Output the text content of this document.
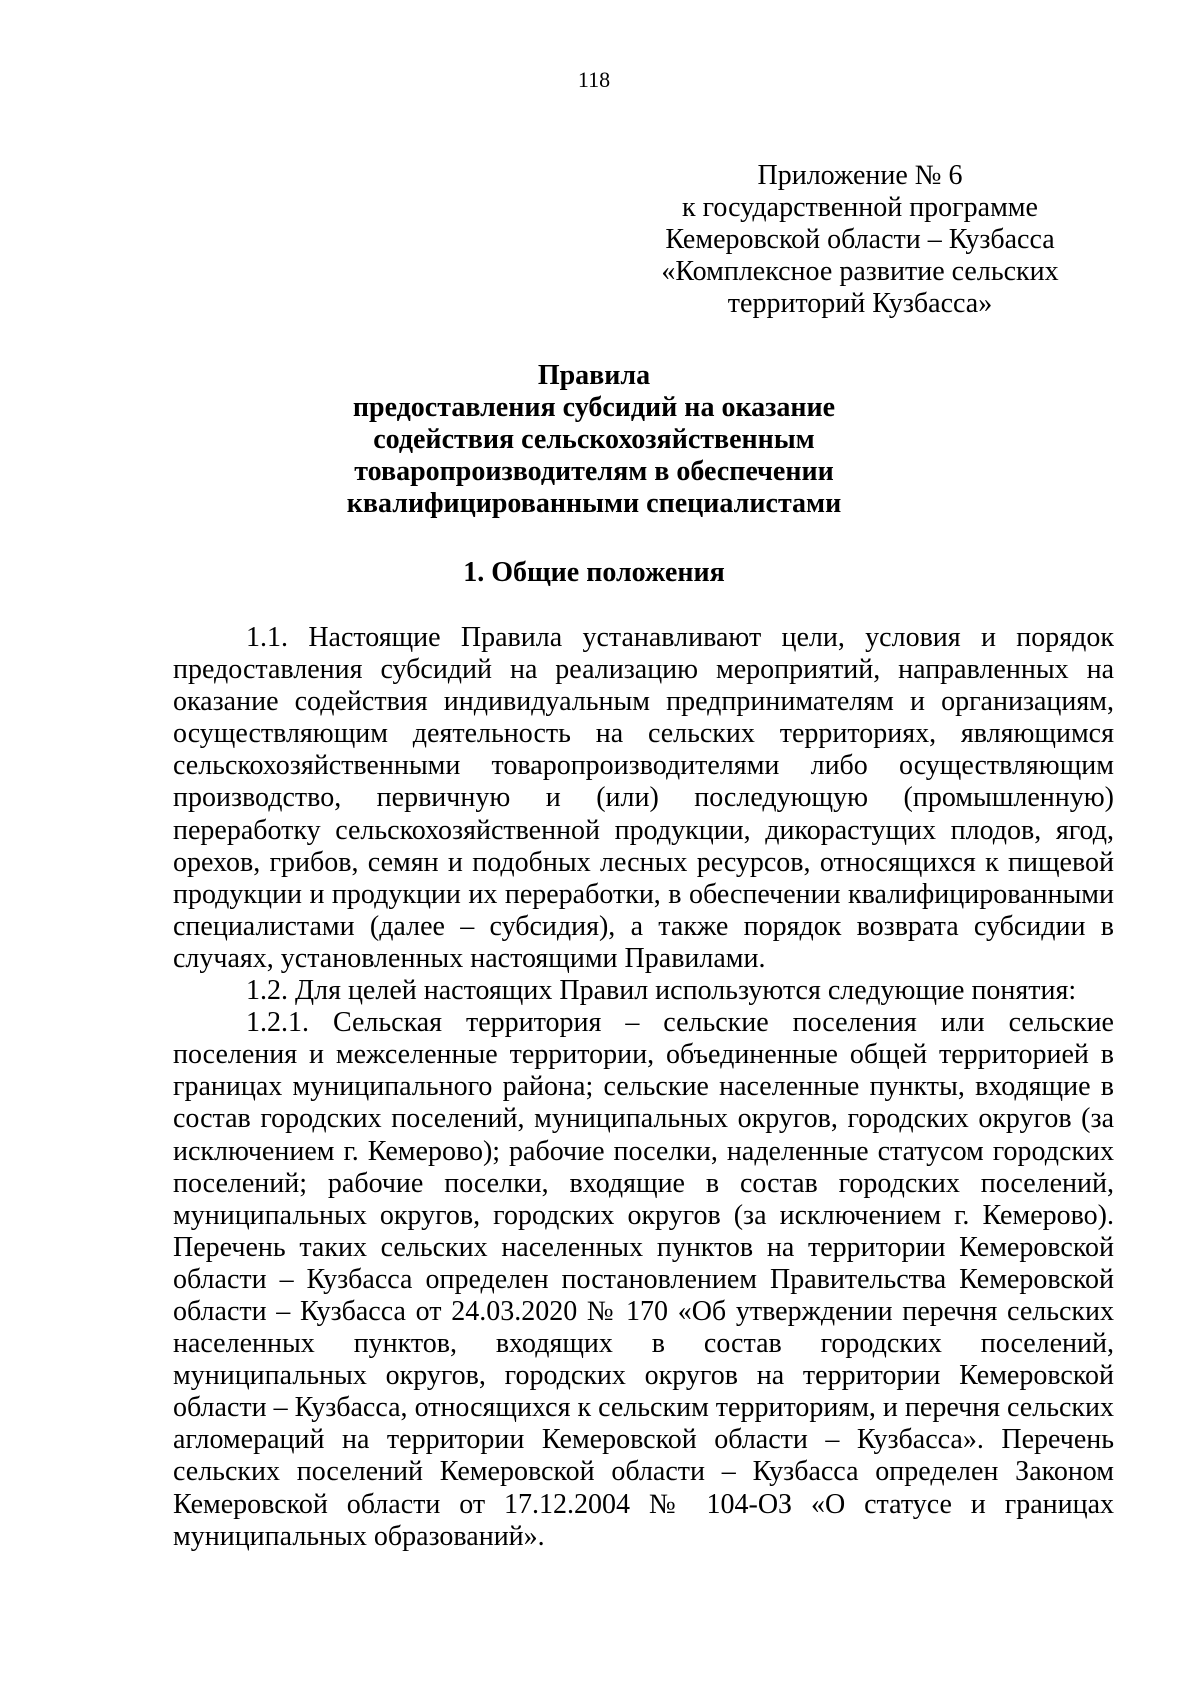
118
Приложение № 6
к государственной программе
Кемеровской области – Кузбасса
«Комплексное развитие сельских
территорий Кузбасса»
Правила
предоставления субсидий на оказание
содействия сельскохозяйственным
товаропроизводителям в обеспечении
квалифицированными специалистами
1. Общие положения

1.1. Настоящие Правила устанавливают цели, условия и порядок предоставления субсидий на реализацию мероприятий, направленных на оказание содействия индивидуальным предпринимателям и организациям, осуществляющим деятельность на сельских территориях, являющимся сельскохозяйственными товаропроизводителями либо осуществляющим производство, первичную и (или) последующую (промышленную) переработку сельскохозяйственной продукции, дикорастущих плодов, ягод, орехов, грибов, семян и подобных лесных ресурсов, относящихся к пищевой продукции и продукции их переработки, в обеспечении квалифицированными специалистами (далее – субсидия), а также порядок возврата субсидии в случаях, установленных настоящими Правилами.

1.2. Для целей настоящих Правил используются следующие понятия:

1.2.1. Сельская территория – сельские поселения или сельские поселения и межселенные территории, объединенные общей территорией в границах муниципального района; сельские населенные пункты, входящие в состав городских поселений, муниципальных округов, городских округов (за исключением г. Кемерово); рабочие поселки, наделенные статусом городских поселений; рабочие поселки, входящие в состав городских поселений, муниципальных округов, городских округов (за исключением г. Кемерово). Перечень таких сельских населенных пунктов на территории Кемеровской области – Кузбасса определен постановлением Правительства Кемеровской области – Кузбасса от 24.03.2020 № 170 «Об утверждении перечня сельских населенных пунктов, входящих в состав городских поселений, муниципальных округов, городских округов на территории Кемеровской области – Кузбасса, относящихся к сельским территориям, и перечня сельских агломераций на территории Кемеровской области – Кузбасса». Перечень сельских поселений Кемеровской области – Кузбасса определен Законом Кемеровской области от 17.12.2004 № 104-ОЗ «О статусе и границах муниципальных образований».
